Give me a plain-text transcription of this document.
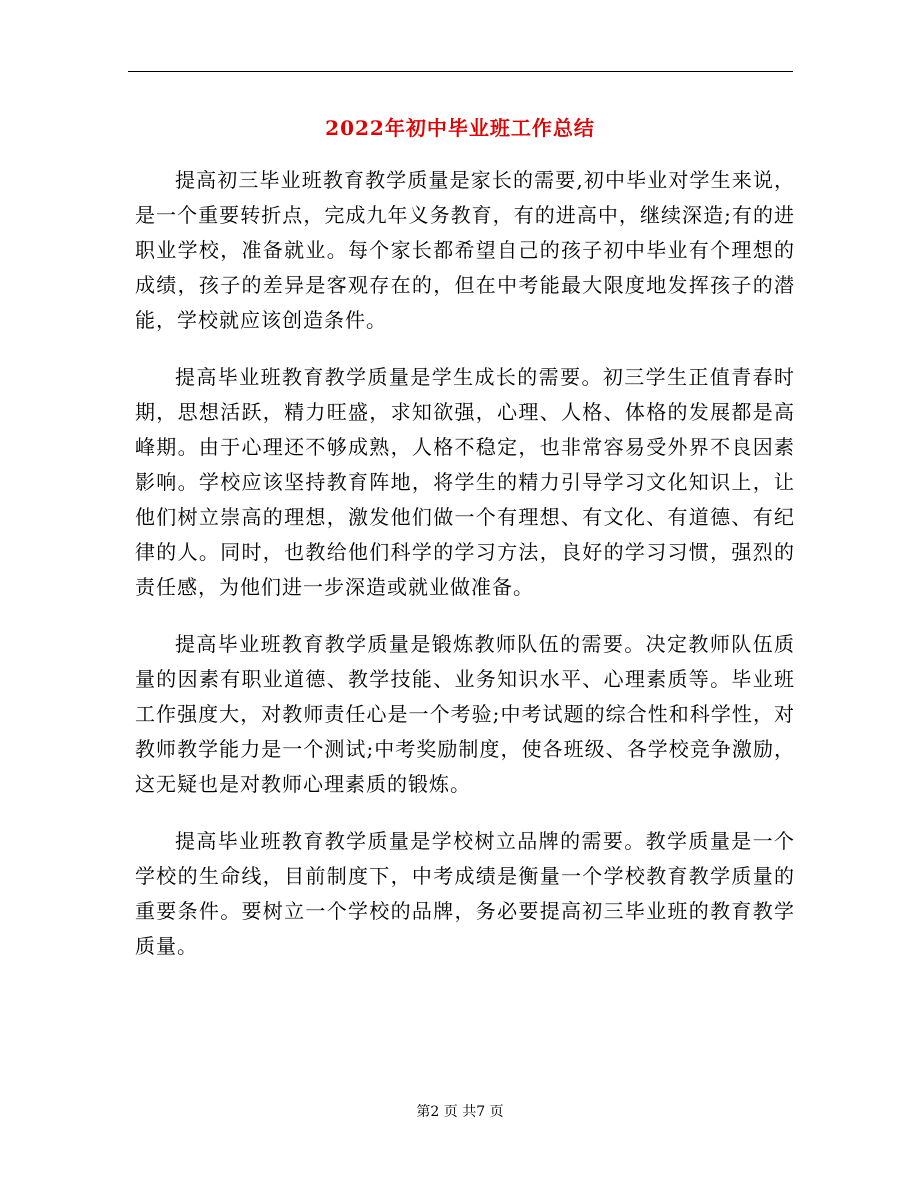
2022年初中毕业班工作总结

提高初三毕业班教育教学质量是家长的需要,初中毕业对学生来说，是一个重要转折点，完成九年义务教育，有的进高中，继续深造;有的进职业学校，准备就业。每个家长都希望自己的孩子初中毕业有个理想的成绩，孩子的差异是客观存在的，但在中考能最大限度地发挥孩子的潜能，学校就应该创造条件。

提高毕业班教育教学质量是学生成长的需要。初三学生正值青春时期，思想活跃，精力旺盛，求知欲强，心理、人格、体格的发展都是高峰期。由于心理还不够成熟，人格不稳定，也非常容易受外界不良因素影响。学校应该坚持教育阵地，将学生的精力引导学习文化知识上，让他们树立崇高的理想，激发他们做一个有理想、有文化、有道德、有纪律的人。同时，也教给他们科学的学习方法，良好的学习习惯，强烈的责任感，为他们进一步深造或就业做准备。

提高毕业班教育教学质量是锻炼教师队伍的需要。决定教师队伍质量的因素有职业道德、教学技能、业务知识水平、心理素质等。毕业班工作强度大，对教师责任心是一个考验;中考试题的综合性和科学性，对教师教学能力是一个测试;中考奖励制度，使各班级、各学校竞争激励，这无疑也是对教师心理素质的锻炼。

提高毕业班教育教学质量是学校树立品牌的需要。教学质量是一个学校的生命线，目前制度下，中考成绩是衡量一个学校教育教学质量的重要条件。要树立一个学校的品牌，务必要提高初三毕业班的教育教学质量。

第2 页 共7 页
